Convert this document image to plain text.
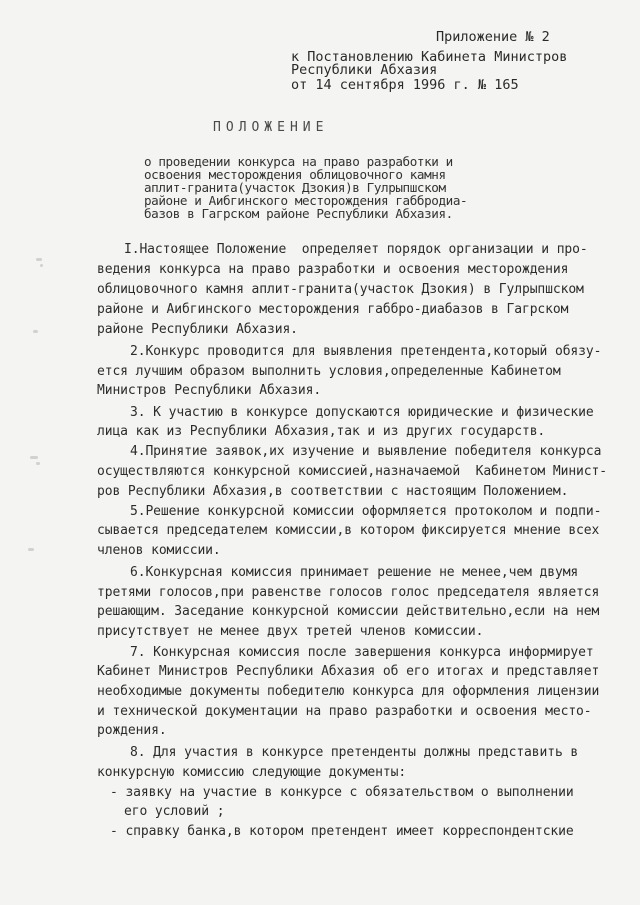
Приложение № 2
к Постановлению Кабинета Министров
Республики Абхазия
от 14 сентября 1996 г. № 165
ПОЛОЖЕНИЕ
о проведении конкурса на право разработки и
освоения месторождения облицовочного камня
аплит-гранита(участок Дзокия)в Гулрыпшском
районе и Аибгинского месторождения габбродиа-
базов в Гагрском районе Республики Абхазия.
I.Настоящее Положение  определяет порядок организации и про-
ведения конкурса на право разработки и освоения месторождения
облицовочного камня аплит-гранита(участок Дзокия) в Гулрыпшском
районе и Аибгинского месторождения габбро-диабазов в Гагрском
районе Республики Абхазия.
2.Конкурс проводится для выявления претендента,который обязу-
ется лучшим образом выполнить условия,определенные Кабинетом
Министров Республики Абхазия.
3. К участию в конкурсе допускаются юридические и физические
лица как из Республики Абхазия,так и из других государств.
4.Принятие заявок,их изучение и выявление победителя конкурса
осуществляются конкурсной комиссией,назначаемой  Кабинетом Минист-
ров Республики Абхазия,в соответствии с настоящим Положением.
5.Решение конкурсной комиссии оформляется протоколом и подпи-
сывается председателем комиссии,в котором фиксируется мнение всех
членов комиссии.
6.Конкурсная комиссия принимает решение не менее,чем двумя
третями голосов,при равенстве голосов голос председателя является
решающим. Заседание конкурсной комиссии действительно,если на нем
присутствует не менее двух третей членов комиссии.
7. Конкурсная комиссия после завершения конкурса информирует
Кабинет Министров Республики Абхазия об его итогах и представляет
необходимые документы победителю конкурса для оформления лицензии
и технической документации на право разработки и освоения место-
рождения.
8. Для участия в конкурсе претенденты должны представить в
конкурсную комиссию следующие документы:
- заявку на участие в конкурсе с обязательством о выполнении
его условий ;
- справку банка,в котором претендент имеет корреспондентские
